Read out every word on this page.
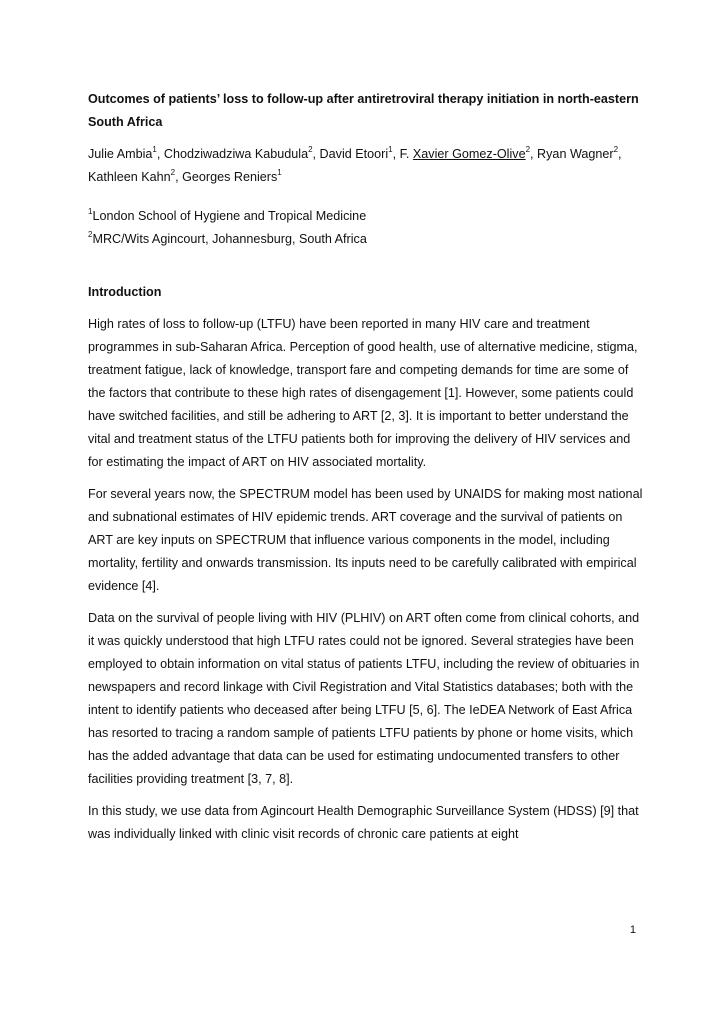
Outcomes of patients’ loss to follow-up after antiretroviral therapy initiation in north-eastern South Africa

Julie Ambia$^1$, Chodziwadziwa Kabudula$^2$, David Etoori$^1$, F. Xavier Gomez-Olive$^2$, Ryan Wagner$^2$, Kathleen Kahn$^2$, Georges Reniers$^1$

$^1$London School of Hygiene and Tropical Medicine

$^2$MRC/Wits Agincourt, Johannesburg, South Africa

Introduction

High rates of loss to follow-up (LTFU) have been reported in many HIV care and treatment programmes in sub-Saharan Africa. Perception of good health, use of alternative medicine, stigma, treatment fatigue, lack of knowledge, transport fare and competing demands for time are some of the factors that contribute to these high rates of disengagement [1]. However, some patients could have switched facilities, and still be adhering to ART [2, 3]. It is important to better understand the vital and treatment status of the LTFU patients both for improving the delivery of HIV services and for estimating the impact of ART on HIV associated mortality.

For several years now, the SPECTRUM model has been used by UNAIDS for making most national and subnational estimates of HIV epidemic trends. ART coverage and the survival of patients on ART are key inputs on SPECTRUM that influence various components in the model, including mortality, fertility and onwards transmission. Its inputs need to be carefully calibrated with empirical evidence [4].

Data on the survival of people living with HIV (PLHIV) on ART often come from clinical cohorts, and it was quickly understood that high LTFU rates could not be ignored. Several strategies have been employed to obtain information on vital status of patients LTFU, including the review of obituaries in newspapers and record linkage with Civil Registration and Vital Statistics databases; both with the intent to identify patients who deceased after being LTFU [5, 6]. The IeDEA Network of East Africa has resorted to tracing a random sample of patients LTFU patients by phone or home visits, which has the added advantage that data can be used for estimating undocumented transfers to other facilities providing treatment [3, 7, 8].

In this study, we use data from Agincourt Health Demographic Surveillance System (HDSS) [9] that was individually linked with clinic visit records of chronic care patients at eight

1
